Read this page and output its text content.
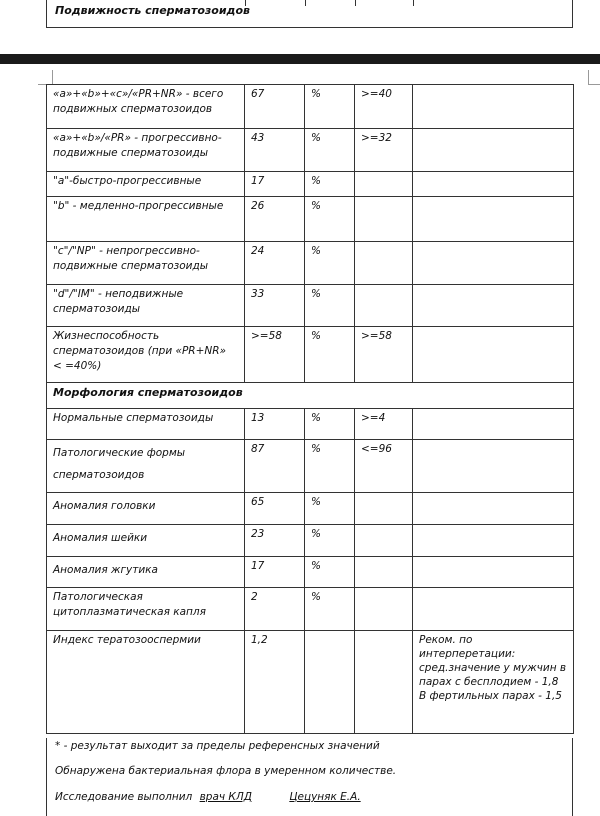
Подвижность сперматозоидов
«a»+«b»+«c»/«PR+NR» - всего подвижных сперматозоидов	67	%	>=40	
«a»+«b»/«PR» - прогрессивно-подвижные сперматозоиды	43	%	>=32	
"a"-быстро-прогрессивные	17	%		
"b" - медленно-прогрессивные	26	%		
"c"/"NP" - непрогрессивно-подвижные сперматозоиды	24	%		
"d"/"IM" - неподвижные сперматозоиды	33	%		
Жизнеспособность сперматозоидов (при «PR+NR» < =40%)	>=58	%	>=58	
Морфология сперматозоидов				
Нормальные сперматозоиды	13	%	>=4	
Патологические формы сперматозоидов	87	%	<=96	
Аномалия головки	65	%		
Аномалия шейки	23	%		
Аномалия жгутика	17	%		
Патологическая цитоплазматическая капля	2	%		
Индекс тератозооспермии	1,2			Реком. по интерперетации: сред.значение у мужчин в парах с бесплодием - 1,8 В фертильных парах - 1,5
* - результат выходит за пределы референсных значений
Обнаружена бактериальная флора в умеренном количестве.
Исследование выполнил врач КЛД	Цецуняк Е.А.
